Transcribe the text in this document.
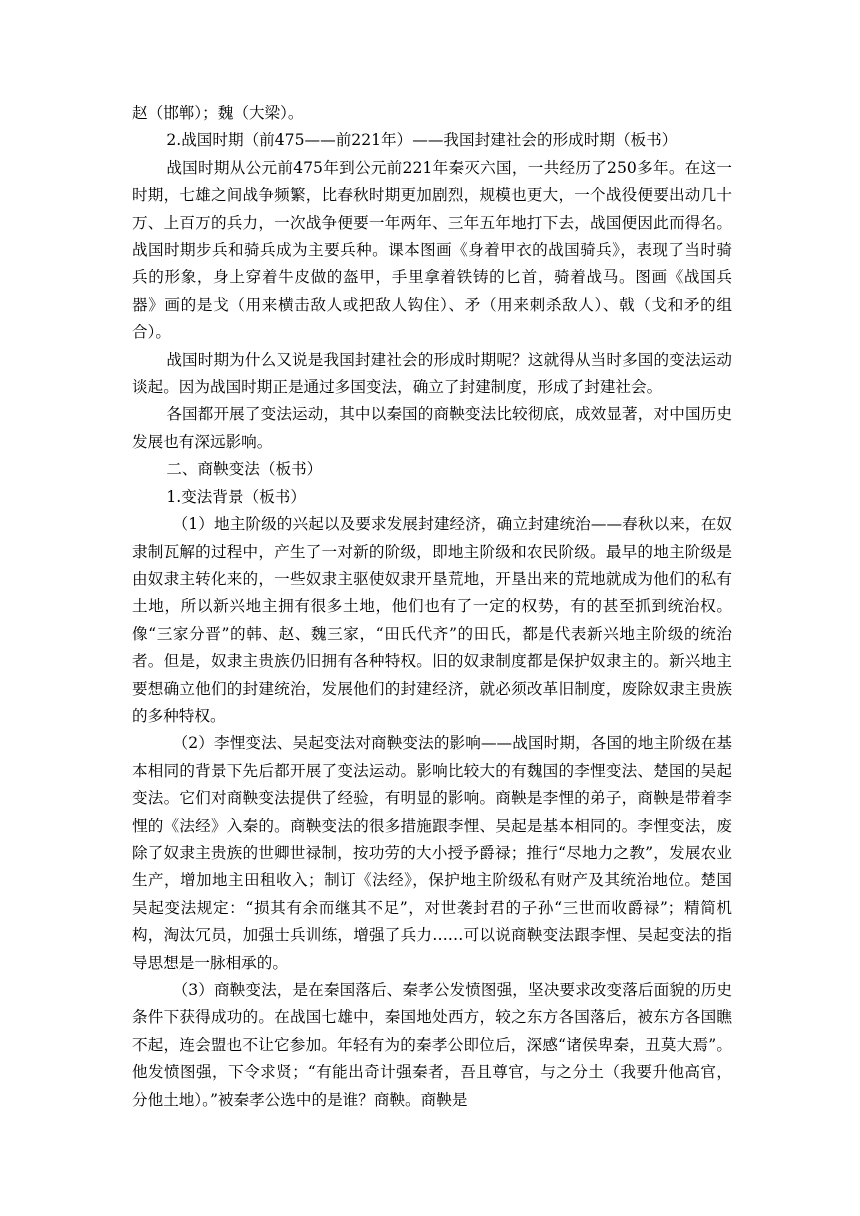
赵（邯郸）；魏（大梁）。

2.战国时期（前475——前221年）——我国封建社会的形成时期（板书）

战国时期从公元前475年到公元前221年秦灭六国，一共经历了250多年。在这一时期，七雄之间战争频繁，比春秋时期更加剧烈，规模也更大，一个战役便要出动几十万、上百万的兵力，一次战争便要一年两年、三年五年地打下去，战国便因此而得名。战国时期步兵和骑兵成为主要兵种。课本图画《身着甲衣的战国骑兵》，表现了当时骑兵的形象，身上穿着牛皮做的盔甲，手里拿着铁铸的匕首，骑着战马。图画《战国兵器》画的是戈（用来横击敌人或把敌人钩住）、矛（用来刺杀敌人）、戟（戈和矛的组合）。

战国时期为什么又说是我国封建社会的形成时期呢？这就得从当时多国的变法运动谈起。因为战国时期正是通过多国变法，确立了封建制度，形成了封建社会。

各国都开展了变法运动，其中以秦国的商鞅变法比较彻底，成效显著，对中国历史发展也有深远影响。

二、商鞅变法（板书）

1.变法背景（板书）

（1）地主阶级的兴起以及要求发展封建经济，确立封建统治——春秋以来，在奴隶制瓦解的过程中，产生了一对新的阶级，即地主阶级和农民阶级。最早的地主阶级是由奴隶主转化来的，一些奴隶主驱使奴隶开垦荒地，开垦出来的荒地就成为他们的私有土地，所以新兴地主拥有很多土地，他们也有了一定的权势，有的甚至抓到统治权。像“三家分晋”的韩、赵、魏三家，“田氏代齐”的田氏，都是代表新兴地主阶级的统治者。但是，奴隶主贵族仍旧拥有各种特权。旧的奴隶制度都是保护奴隶主的。新兴地主要想确立他们的封建统治，发展他们的封建经济，就必须改革旧制度，废除奴隶主贵族的多种特权。

（2）李悝变法、吴起变法对商鞅变法的影响——战国时期，各国的地主阶级在基本相同的背景下先后都开展了变法运动。影响比较大的有魏国的李悝变法、楚国的吴起变法。它们对商鞅变法提供了经验，有明显的影响。商鞅是李悝的弟子，商鞅是带着李悝的《法经》入秦的。商鞅变法的很多措施跟李悝、吴起是基本相同的。李悝变法，废除了奴隶主贵族的世卿世禄制，按功劳的大小授予爵禄；推行“尽地力之教”，发展农业生产，增加地主田租收入；制订《法经》，保护地主阶级私有财产及其统治地位。楚国吴起变法规定：“损其有余而继其不足”，对世袭封君的子孙“三世而收爵禄”；精简机构，淘汰冗员，加强士兵训练，增强了兵力……可以说商鞅变法跟李悝、吴起变法的指导思想是一脉相承的。

（3）商鞅变法，是在秦国落后、秦孝公发愤图强，坚决要求改变落后面貌的历史条件下获得成功的。在战国七雄中，秦国地处西方，较之东方各国落后，被东方各国瞧不起，连会盟也不让它参加。年轻有为的秦孝公即位后，深感“诸侯卑秦，丑莫大焉”。他发愤图强，下令求贤；“有能出奇计强秦者，吾且尊官，与之分土（我要升他高官，分他土地）。”被秦孝公选中的是谁？商鞅。商鞅是
